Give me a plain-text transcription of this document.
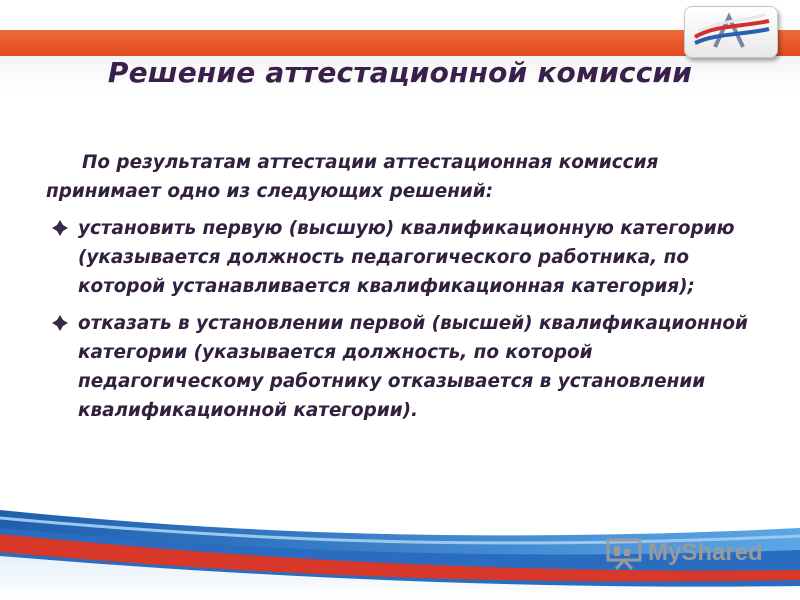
Решение аттестационной комиссии

По результатам аттестации аттестационная комиссия принимает одно из следующих решений:

установить первую (высшую) квалификационную категорию (указывается должность педагогического работника, по которой устанавливается квалификационная категория);
отказать в установлении первой (высшей) квалификационной категории (указывается должность, по которой педагогическому работнику отказывается в установлении квалификационной категории).
MyShared
